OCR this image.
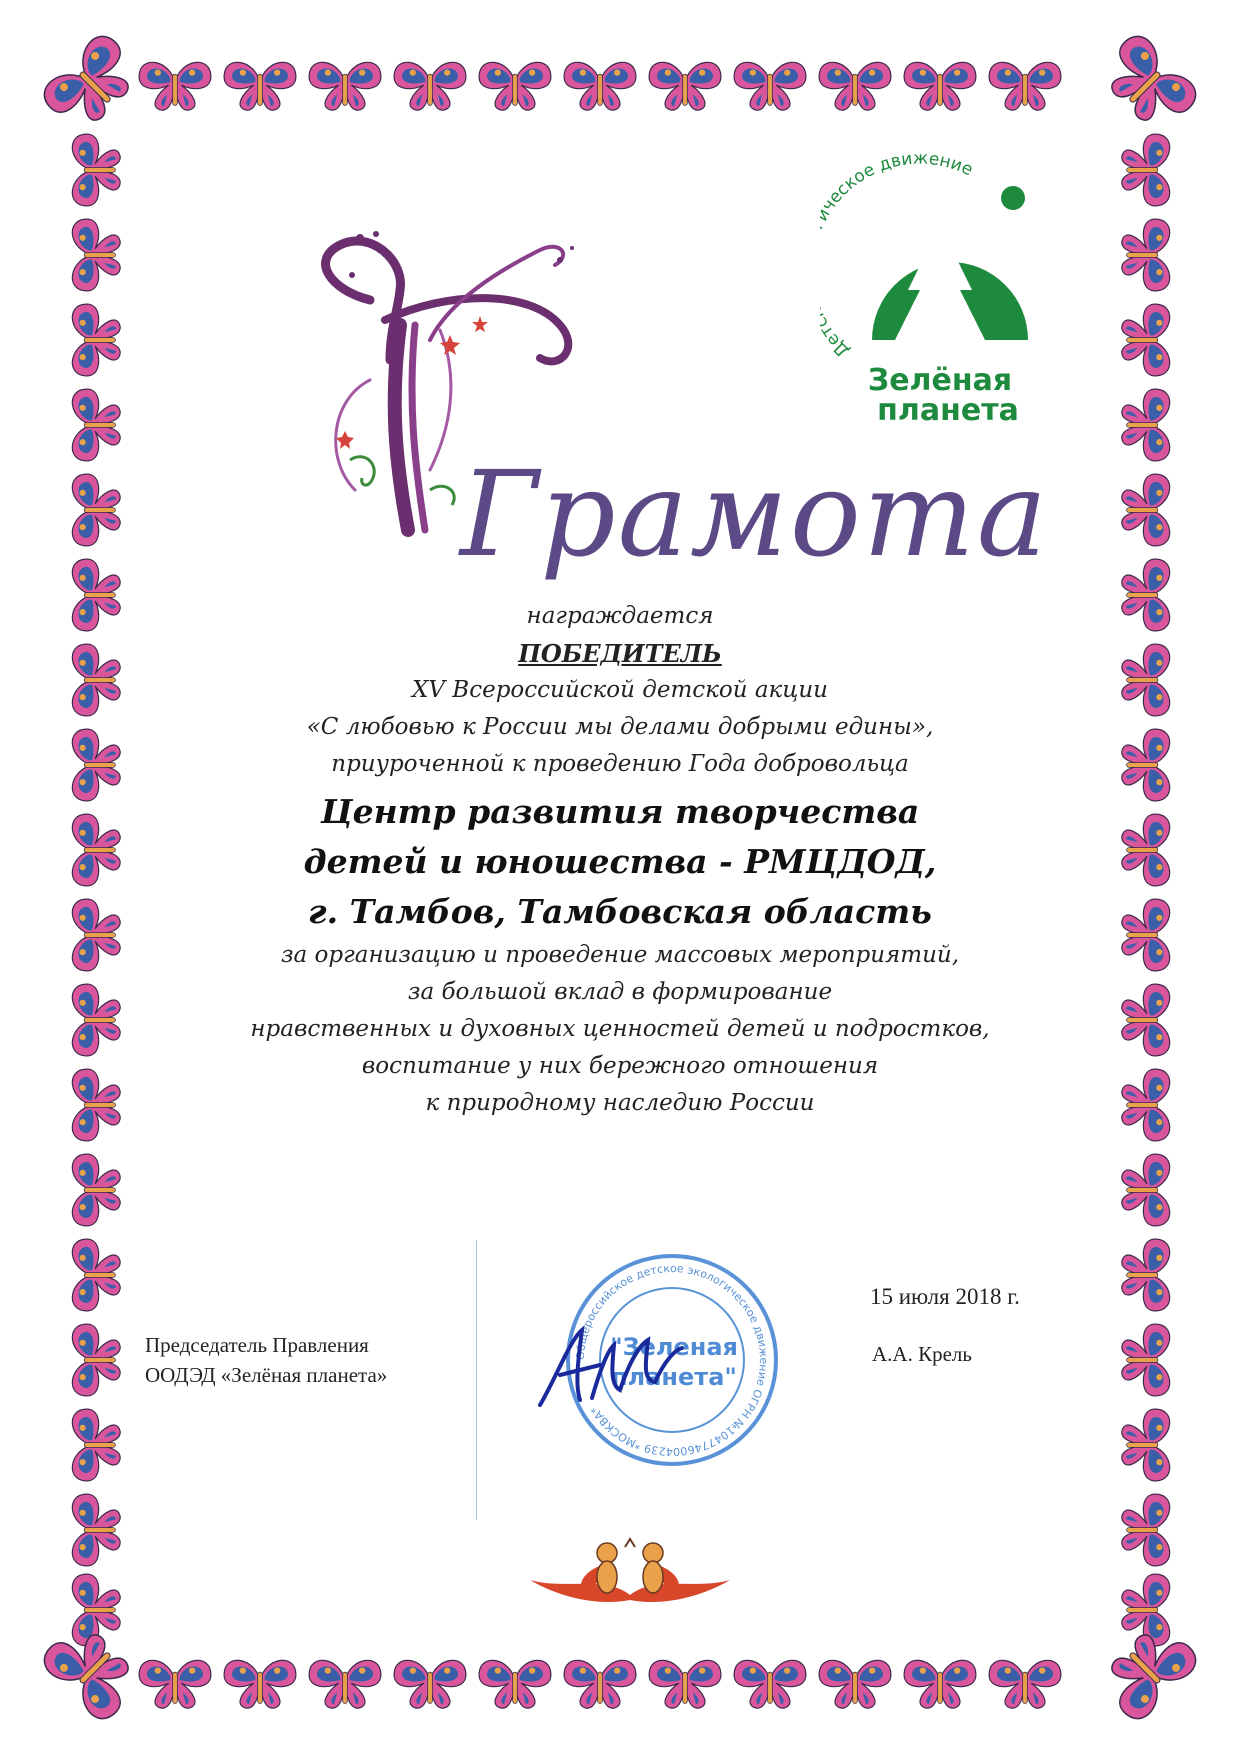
Грамота
Де ческое движение
Зелёная
планета
награждается
ПОБЕДИТЕЛЬ
XV Всероссийской детской акции
«С любовью к России мы делами добрыми едины»,
приуроченной к проведению Года добровольца
Центр развития творчества
детей и юношества - РМЦДОД,
г. Тамбов, Тамбовская область
за организацию и проведение массовых мероприятий,
за большой вклад в формирование
нравственных и духовных ценностей детей и подростков,
воспитание у них бережного отношения
к природному наследию России
Председатель Правления
ООДЭД «Зелёная планета»
15 июля 2018 г.
А.А. Крель
Общероссийское детское экологическое движение ОГРН №1047746004239 *МОСКВА*
"Зеленая
планета"
